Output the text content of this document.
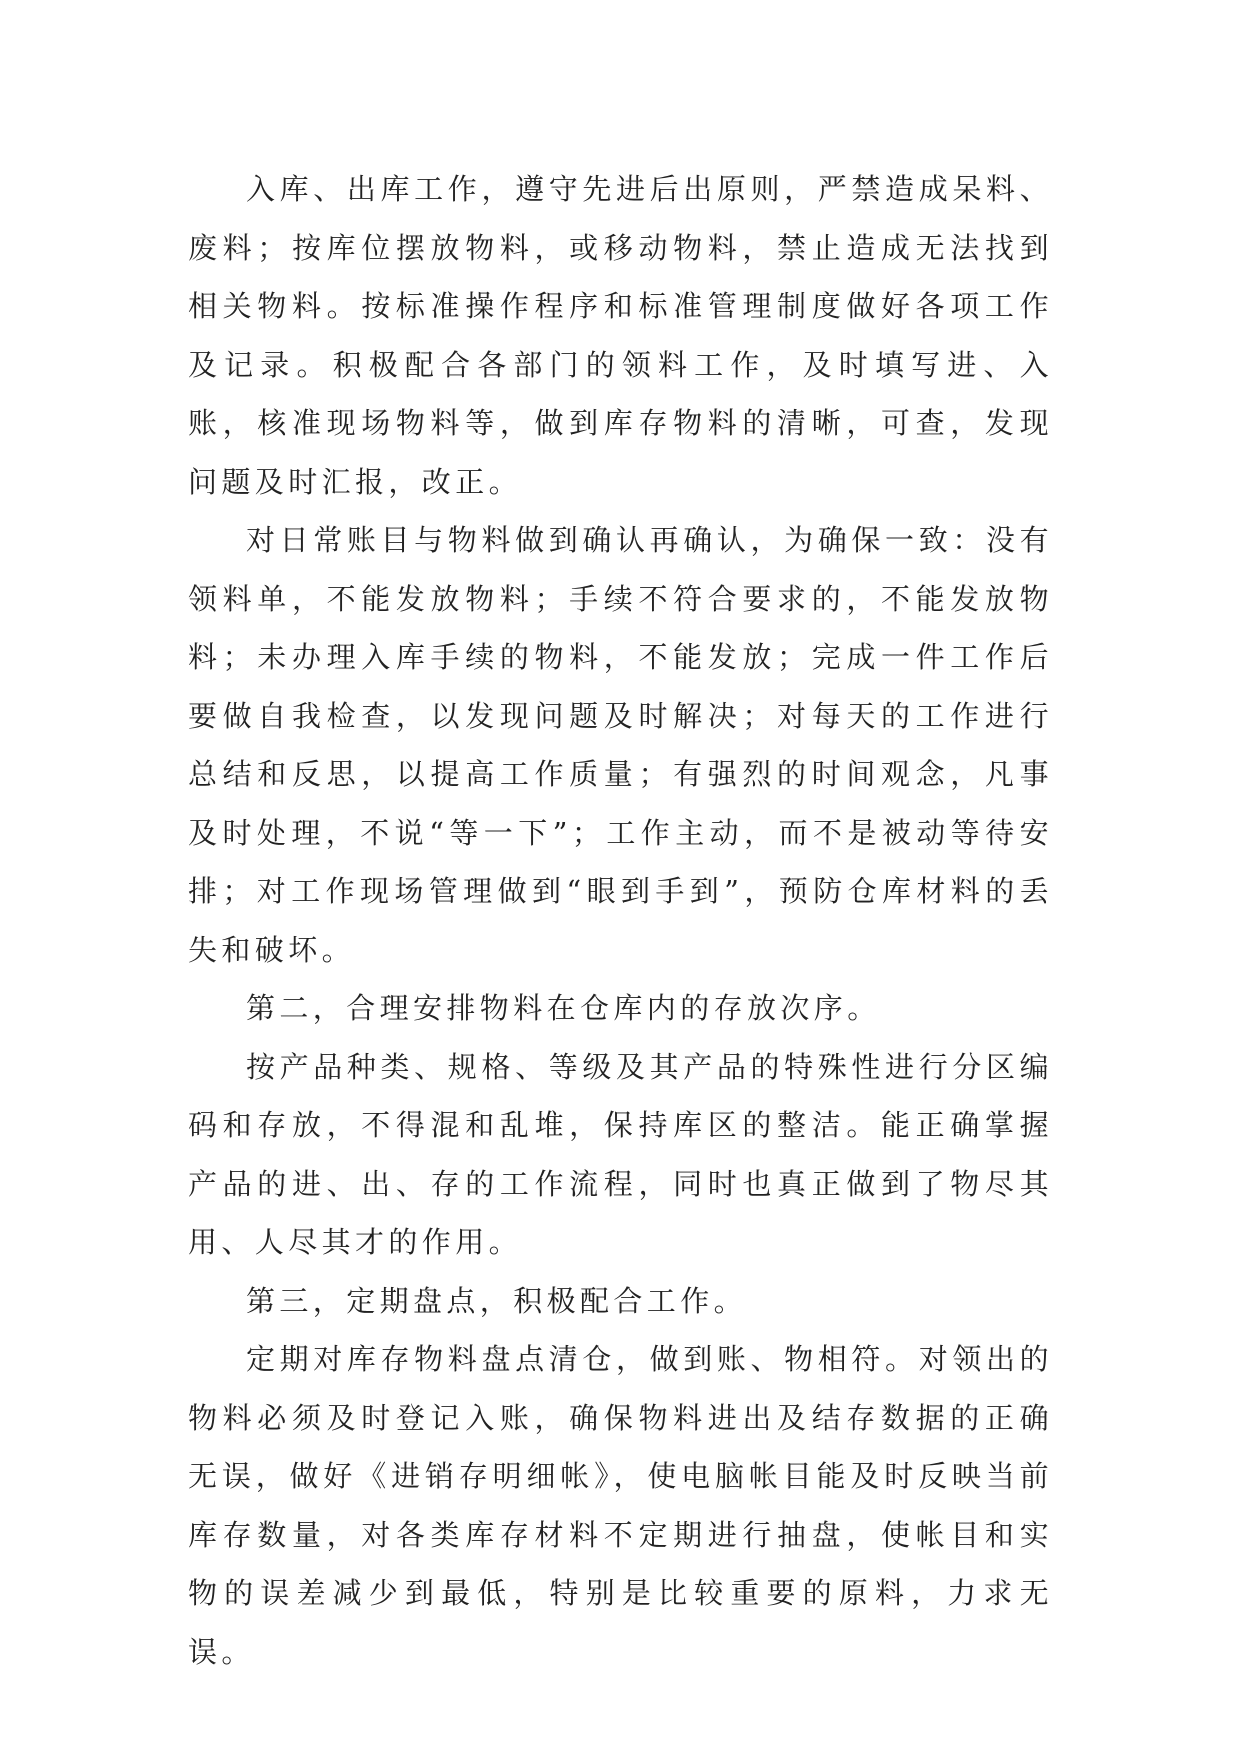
入库、出库工作，遵守先进后出原则，严禁造成呆料、废料；按库位摆放物料，或移动物料，禁止造成无法找到相关物料。按标准操作程序和标准管理制度做好各项工作及记录。积极配合各部门的领料工作，及时填写进、入账，核准现场物料等，做到库存物料的清晰，可查，发现问题及时汇报，改正。

对日常账目与物料做到确认再确认，为确保一致：没有领料单，不能发放物料；手续不符合要求的，不能发放物料；未办理入库手续的物料，不能发放；完成一件工作后要做自我检查，以发现问题及时解决；对每天的工作进行总结和反思，以提高工作质量；有强烈的时间观念，凡事及时处理，不说“等一下”；工作主动，而不是被动等待安排；对工作现场管理做到“眼到手到”，预防仓库材料的丢失和破坏。

第二，合理安排物料在仓库内的存放次序。

按产品种类、规格、等级及其产品的特殊性进行分区编码和存放，不得混和乱堆，保持库区的整洁。能正确掌握产品的进、出、存的工作流程，同时也真正做到了物尽其用、人尽其才的作用。

第三，定期盘点，积极配合工作。

定期对库存物料盘点清仓，做到账、物相符。对领出的物料必须及时登记入账，确保物料进出及结存数据的正确无误，做好《进销存明细帐》，使电脑帐目能及时反映当前库存数量，对各类库存材料不定期进行抽盘，使帐目和实物的误差减少到最低，特别是比较重要的原料，力求无误。
